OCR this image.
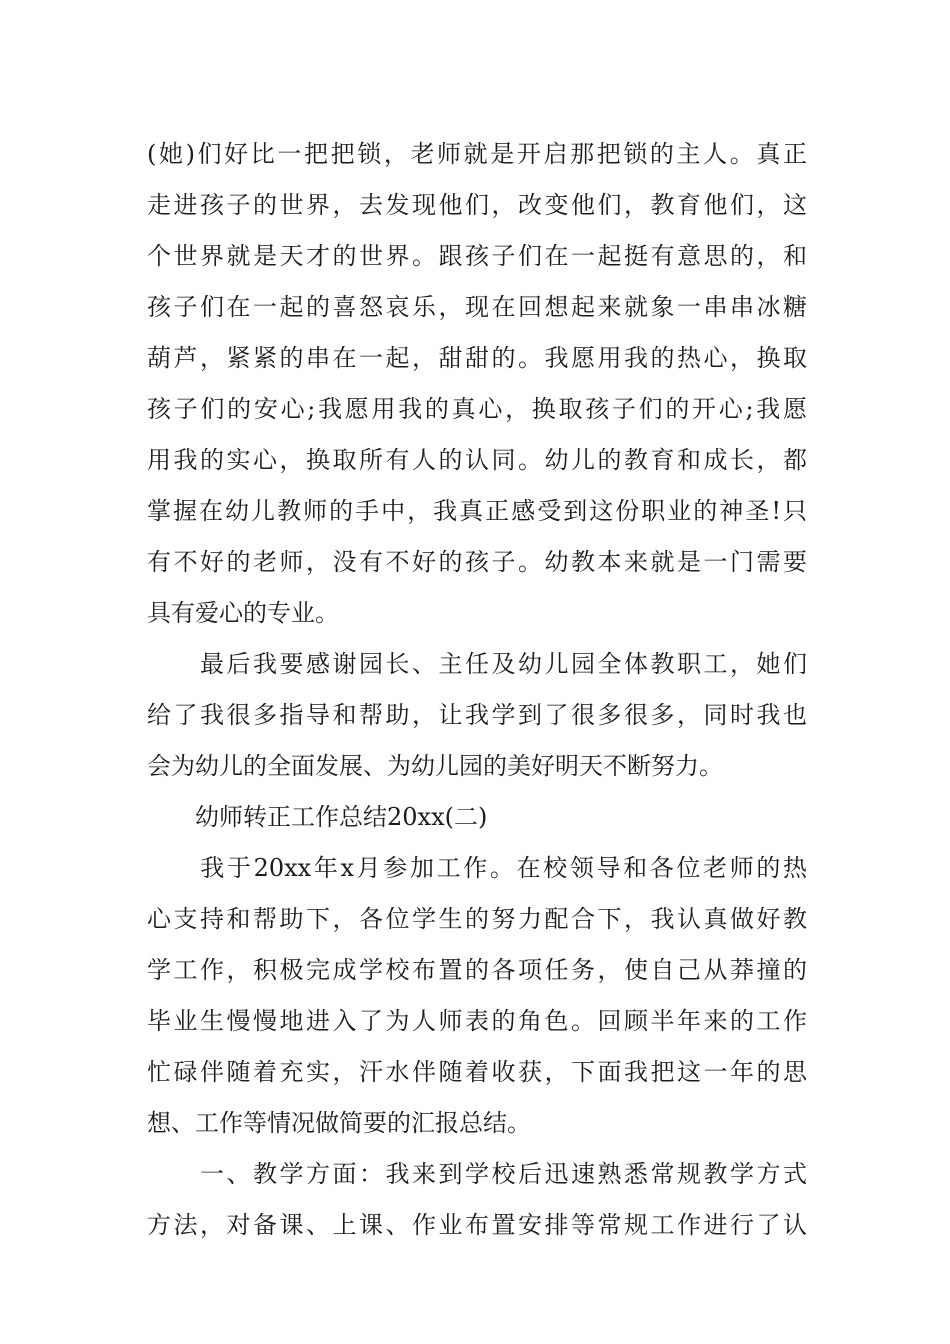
(她)们好比一把把锁，老师就是开启那把锁的主人。真正
走进孩子的世界，去发现他们，改变他们，教育他们，这
个世界就是天才的世界。跟孩子们在一起挺有意思的，和
孩子们在一起的喜怒哀乐，现在回想起来就象一串串冰糖
葫芦，紧紧的串在一起，甜甜的。我愿用我的热心，换取
孩子们的安心;我愿用我的真心，换取孩子们的开心;我愿
用我的实心，换取所有人的认同。幼儿的教育和成长，都
掌握在幼儿教师的手中，我真正感受到这份职业的神圣!只
有不好的老师，没有不好的孩子。幼教本来就是一门需要
具有爱心的专业。
　　最后我要感谢园长、主任及幼儿园全体教职工，她们
给了我很多指导和帮助，让我学到了很多很多，同时我也
会为幼儿的全面发展、为幼儿园的美好明天不断努力。
　　幼师转正工作总结20xx(二)
　　我于20xx年x月参加工作。在校领导和各位老师的热
心支持和帮助下，各位学生的努力配合下，我认真做好教
学工作，积极完成学校布置的各项任务，使自己从莽撞的
毕业生慢慢地进入了为人师表的角色。回顾半年来的工作
忙碌伴随着充实，汗水伴随着收获，下面我把这一年的思
想、工作等情况做简要的汇报总结。
　　一、教学方面：我来到学校后迅速熟悉常规教学方式
方法，对备课、上课、作业布置安排等常规工作进行了认
